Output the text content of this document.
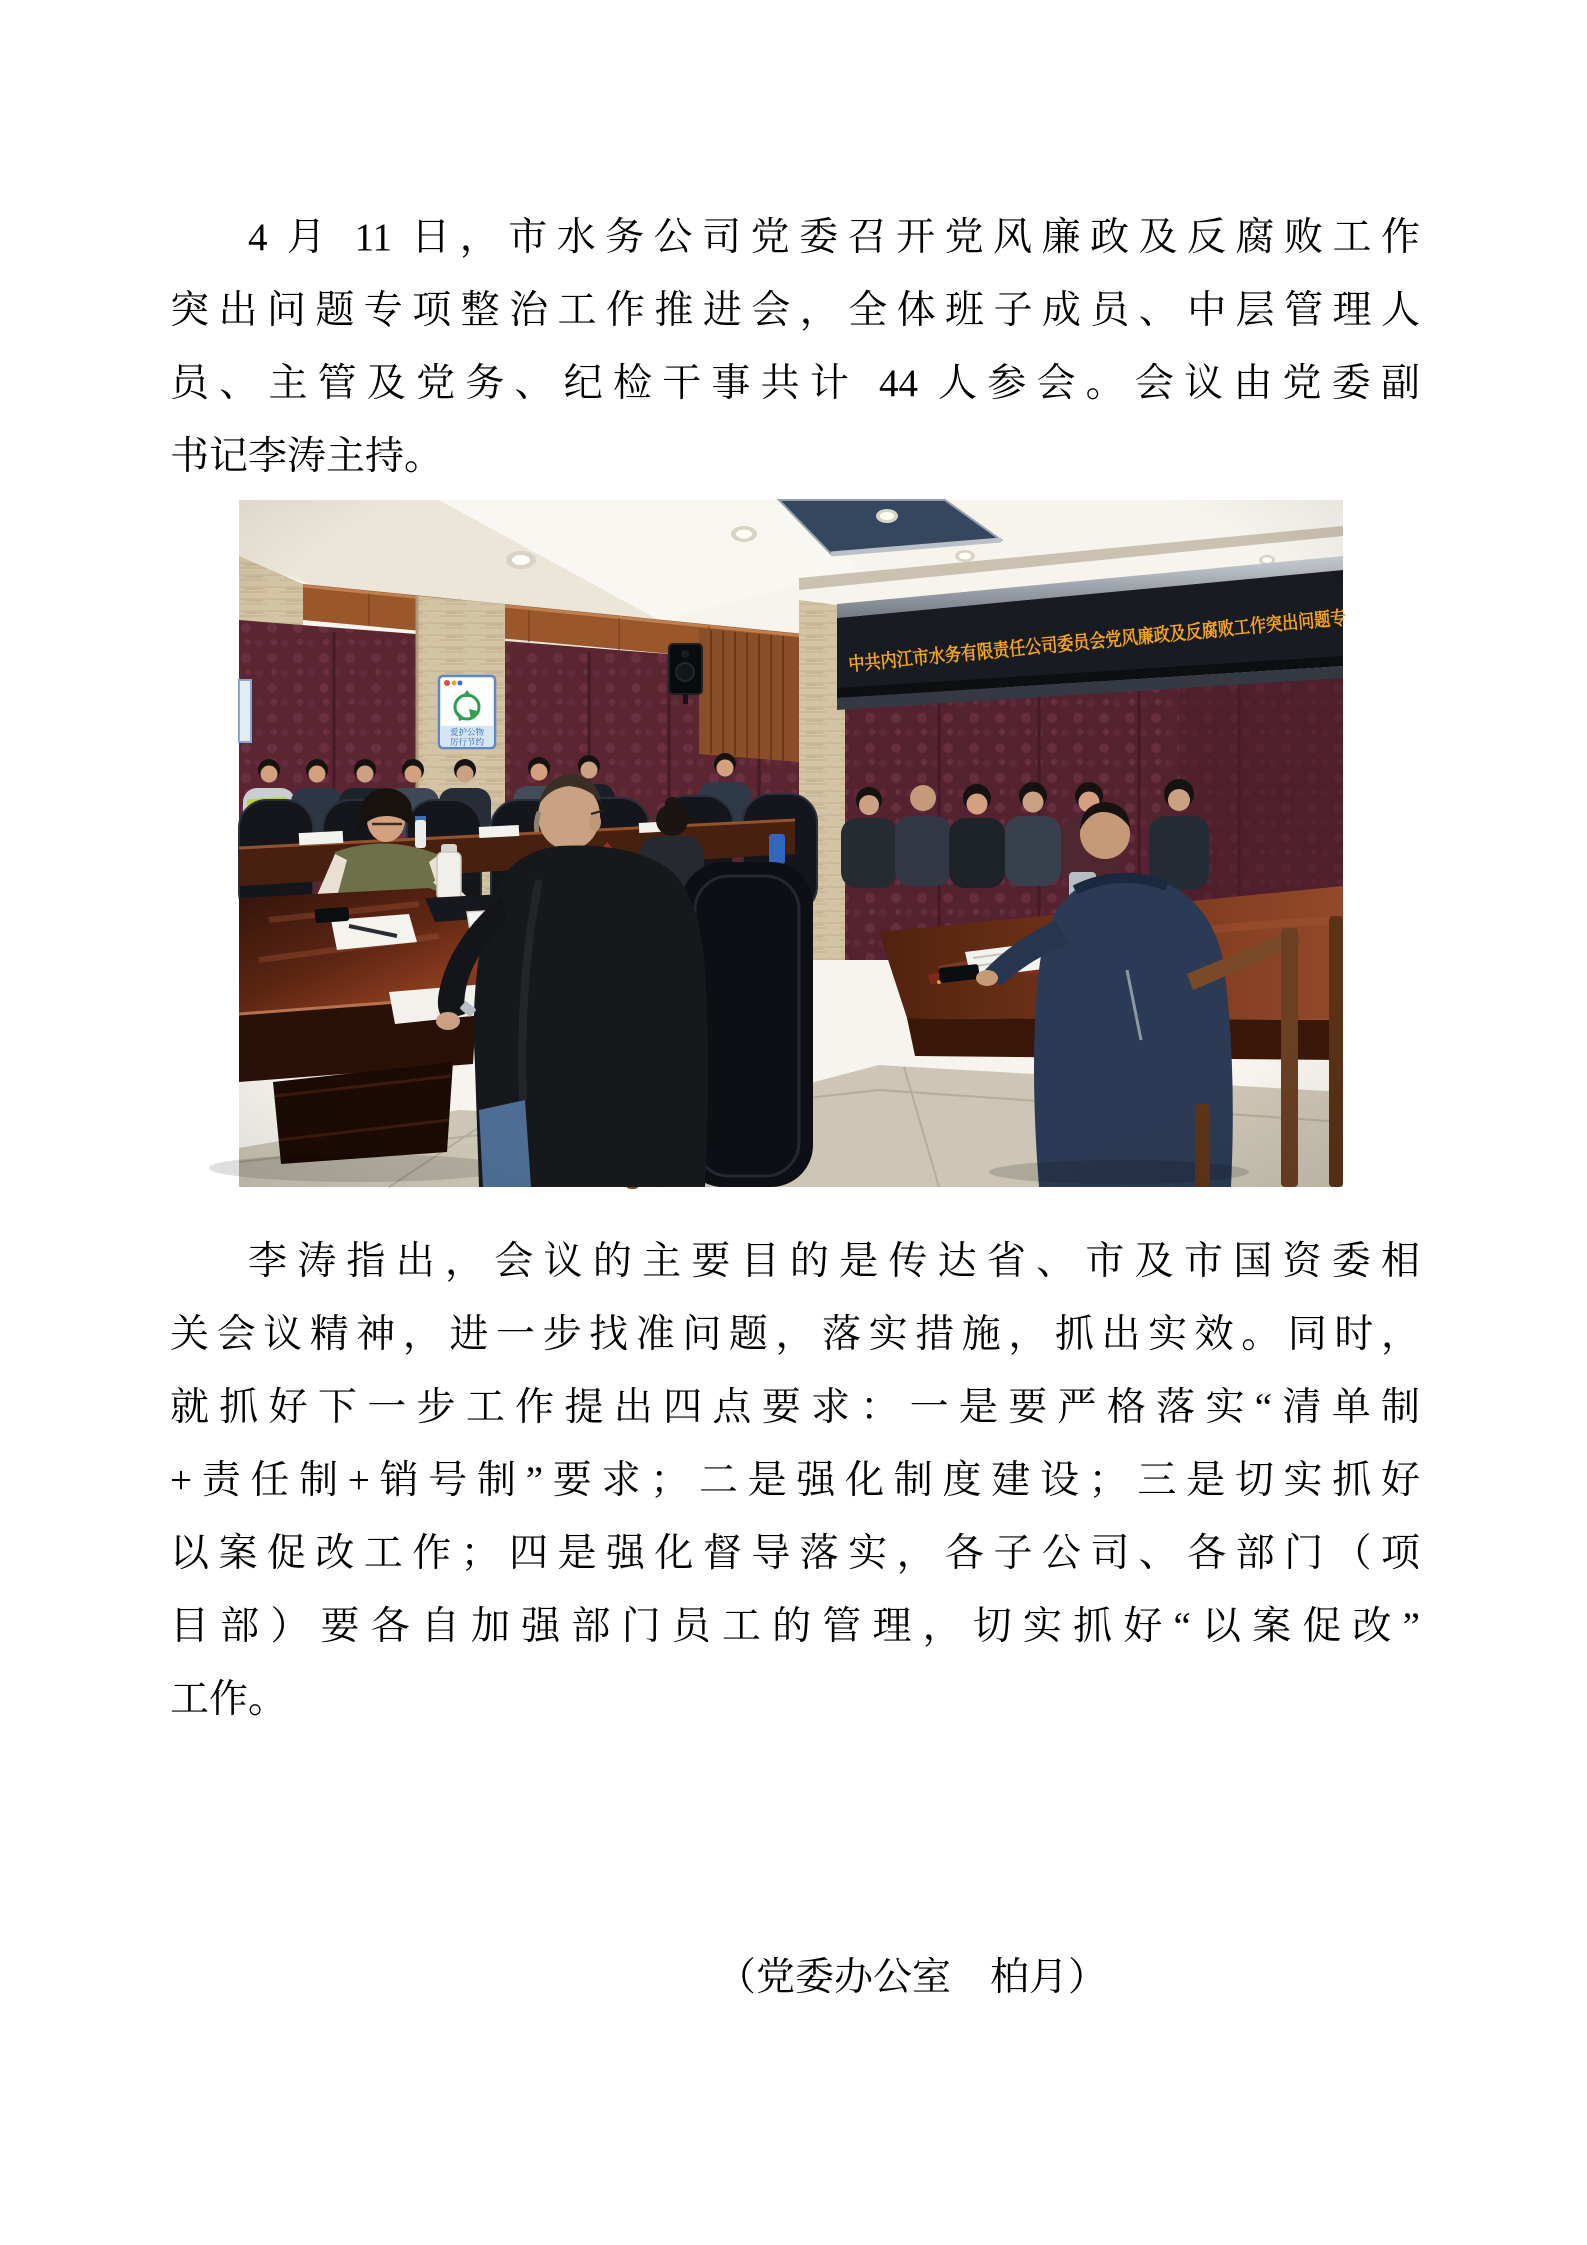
4 月 11 日，市水务公司党委召开党风廉政及反腐败工作
突出问题专项整治工作推进会，全体班子成员、中层管理人
员、主管及党务、纪检干事共计 44 人参会。会议由党委副
书记李涛主持。
李涛指出，会议的主要目的是传达省、市及市国资委相
关会议精神，进一步找准问题，落实措施，抓出实效。同时，
就抓好下一步工作提出四点要求：一是要严格落实“清单制
+责任制+销号制”要求；二是强化制度建设；三是切实抓好
以案促改工作；四是强化督导落实，各子公司、各部门（项
目部）要各自加强部门员工的管理，切实抓好“以案促改”
工作。
（党委办公室　柏月）
